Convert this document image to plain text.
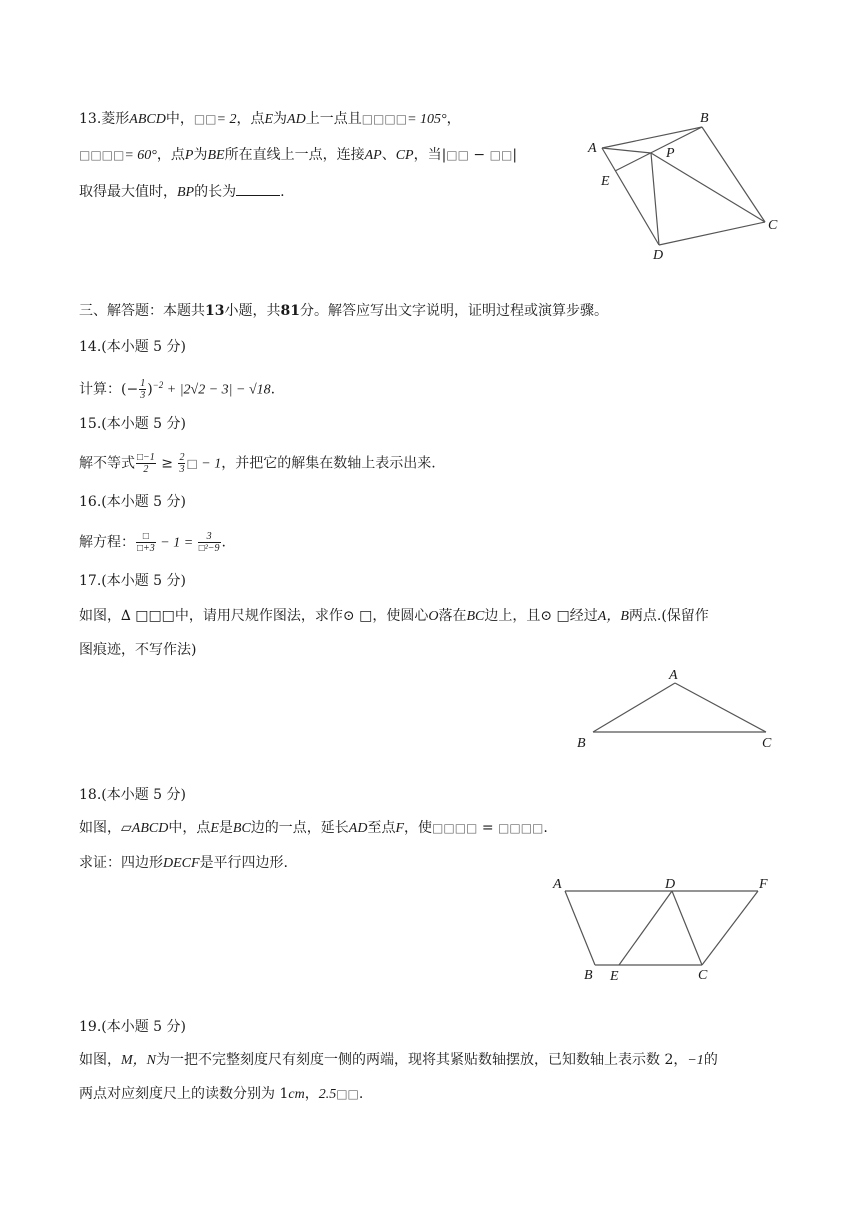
13.菱形ABCD中，□□= 2，点E为AD上一点且□□□□= 105°，
□□□□= 60°，点P为BE所在直线上一点，连接AP、CP，当|□□ − □□|
取得最大值时，BP的长为	.
A
B
C
D
E
P
三、解答题：本题共13小题，共81分。解答应写出文字说明，证明过程或演算步骤。
14.(本小题 5 分)
计算：(− $\frac{1}{3} )^{-2} + |2√2 - 3| - √18$.
15.(本小题 5 分)
解不等式 $\frac{□-1}{2} \ge \frac{2}{3}$ □ − 1，并把它的解集在数轴上表示出来.
16.(本小题 5 分)
解方程： $\frac{□}{□+3} - 1 = \frac{3}{\text{□²−9}}$ .
17.(本小题 5 分)
如图，∆ □□□中，请用尺规作图法，求作⊙ □，使圆心O落在BC边上，且⊙ □经过A，B两点.(保留作
图痕迹，不写作法)
A
B	C
18.(本小题 5 分)
如图，▱ABCD中，点E是BC边的一点，延长AD至点F，使□□□□ = □□□□.
求证：四边形DECF是平行四边形.
A	D	F
B E	C
19.(本小题 5 分)
如图，M，N为一把不完整刻度尺有刻度一侧的两端，现将其紧贴数轴摆放，已知数轴上表示数 2，−1的
两点对应刻度尺上的读数分别为 1cm，2.5□□.
